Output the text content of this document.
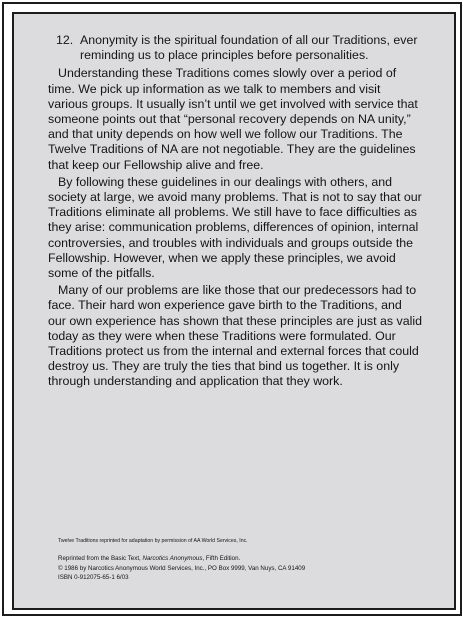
12. Anonymity is the spiritual foundation of all our Traditions, ever reminding us to place principles before personalities.

Understanding these Traditions comes slowly over a period of time. We pick up information as we talk to members and visit various groups. It usually isn’t until we get involved with service that someone points out that “personal recovery depends on NA unity,” and that unity depends on how well we follow our Traditions. The Twelve Traditions of NA are not negotiable. They are the guidelines that keep our Fellowship alive and free.

By following these guidelines in our dealings with others, and society at large, we avoid many problems. That is not to say that our Traditions eliminate all problems. We still have to face difficulties as they arise: communication problems, differences of opinion, internal controversies, and troubles with individuals and groups outside the Fellowship. However, when we apply these principles, we avoid some of the pitfalls.

Many of our problems are like those that our predecessors had to face. Their hard won experience gave birth to the Traditions, and our own experience has shown that these principles are just as valid today as they were when these Traditions were formulated. Our Traditions protect us from the internal and external forces that could destroy us. They are truly the ties that bind us together. It is only through understanding and application that they work.

Twelve Traditions reprinted for adaptation by permission of AA World Services, Inc.
Reprinted from the Basic Text, Narcotics Anonymous, Fifth Edition.
© 1986 by Narcotics Anonymous World Services, Inc., PO Box 9999, Van Nuys, CA 91409
ISBN 0-912075-65-1 6/03
